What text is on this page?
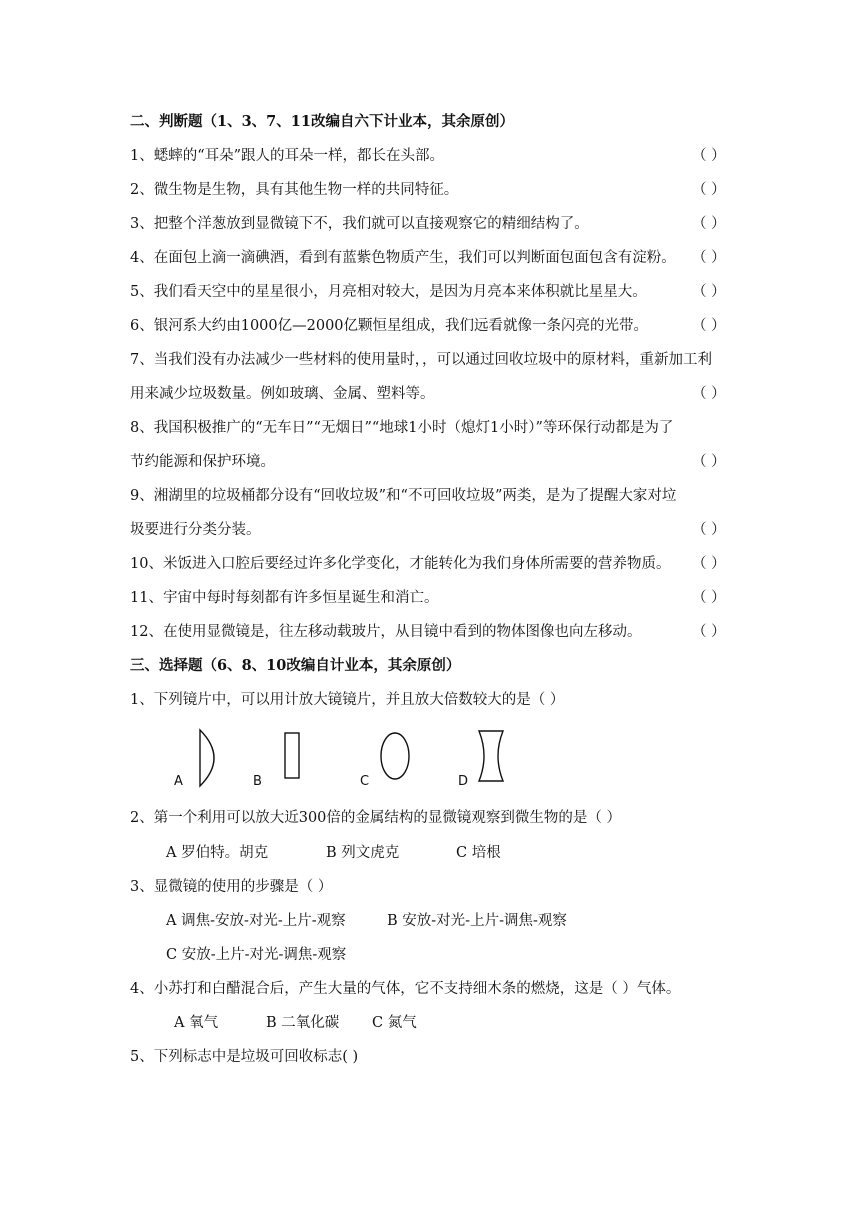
二、判断题（1、3、7、11改编自六下计业本，其余原创）
1、蟋蟀的“耳朵”跟人的耳朵一样，都长在头部。	（ ）
2、微生物是生物，具有其他生物一样的共同特征。	（ ）
3、把整个洋葱放到显微镜下不，我们就可以直接观察它的精细结构了。	（ ）
4、在面包上滴一滴碘酒，看到有蓝紫色物质产生，我们可以判断面包面包含有淀粉。	（ ）
5、我们看天空中的星星很小，月亮相对较大，是因为月亮本来体积就比星星大。	（ ）
6、银河系大约由1000亿—2000亿颗恒星组成，我们远看就像一条闪亮的光带。	（ ）
7、当我们没有办法减少一些材料的使用量时，，可以通过回收垃圾中的原材料，重新加工利
用来减少垃圾数量。例如玻璃、金属、塑料等。	（ ）
8、我国积极推广的“无车日”“无烟日”“地球1小时（熄灯1小时）”等环保行动都是为了
节约能源和保护环境。	（ ）
9、湘湖里的垃圾桶都分设有“回收垃圾”和“不可回收垃圾”两类，是为了提醒大家对垃
圾要进行分类分装。	（ ）
10、米饭进入口腔后要经过许多化学变化，才能转化为我们身体所需要的营养物质。	（ ）
11、宇宙中每时每刻都有许多恒星诞生和消亡。	（ ）
12、在使用显微镜是，往左移动载玻片，从目镜中看到的物体图像也向左移动。	（ ）
三、选择题（6、8、10改编自计业本，其余原创）
1、下列镜片中，可以用计放大镜镜片，并且放大倍数较大的是（ ）
A	B	C	D
2、第一个利用可以放大近300倍的金属结构的显微镜观察到微生物的是（ ）
A 罗伯特。胡克	B 列文虎克	C 培根
3、显微镜的使用的步骤是（ ）
A 调焦-安放-对光-上片-观察	B 安放-对光-上片-调焦-观察
C 安放-上片-对光-调焦-观察
4、小苏打和白醋混合后，产生大量的气体，它不支持细木条的燃烧，这是（ ）气体。
A 氧气	B 二氧化碳 C 氮气
5、下列标志中是垃圾可回收标志( )
